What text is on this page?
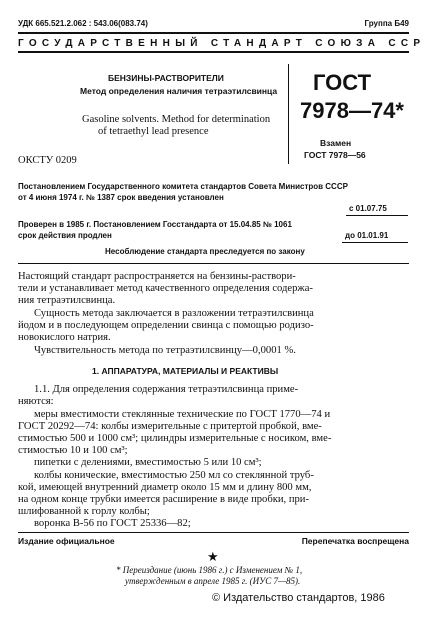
УДК 665.521.2.062 : 543.06(083.74)	Группа Б49
ГОСУДАРСТВЕННЫЙ СТАНДАРТ СОЮЗА ССР
БЕНЗИНЫ-РАСТВОРИТЕЛИ
Метод определения наличия тетраэтилсвинца
Gasoline solvents. Method for determination
of tetraethyl lead presence
ГОСТ
7978—74*
Взамен
ГОСТ 7978—56
ОКСТУ 0209
Постановлением Государственного комитета стандартов Совета Министров СССР
от 4 июня 1974 г. № 1387 срок введения установлен
с 01.07.75
Проверен в 1985 г. Постановлением Госстандарта от 15.04.85 № 1061
срок действия продлен	до 01.01.91
Несоблюдение стандарта преследуется по закону
Настоящий стандарт распространяется на бензины-раствори-
тели и устанавливает метод качественного определения содержа-
ния тетраэтилсвинца.
Сущность метода заключается в разложении тетраэтилсвинца
йодом и в последующем определении свинца с помощью родизо-
новокислого натрия.
Чувствительность метода по тетраэтилсвинцу—0,0001 %.
1. АППАРАТУРА, МАТЕРИАЛЫ И РЕАКТИВЫ
1.1. Для определения содержания тетраэтилсвинца приме-
няются:
меры вместимости стеклянные технические по ГОСТ 1770—74 и
ГОСТ 20292—74: колбы измерительные с притертой пробкой, вме-
стимостью 500 и 1000 см³; цилиндры измерительные с носиком, вме-
стимостью 10 и 100 см³;
пипетки с делениями, вместимостью 5 или 10 см³;
колбы конические, вместимостью 250 мл со стеклянной труб-
кой, имеющей внутренний диаметр около 15 мм и длину 800 мм,
на одном конце трубки имеется расширение в виде пробки, при-
шлифованной к горлу колбы;
воронка В-56 по ГОСТ 25336—82;
Издание официальное	Перепечатка воспрещена
★
* Переиздание (июнь 1986 г.) с Изменением № 1,
утвержденным в апреле 1985 г. (ИУС 7—85).
© Издательство стандартов, 1986
